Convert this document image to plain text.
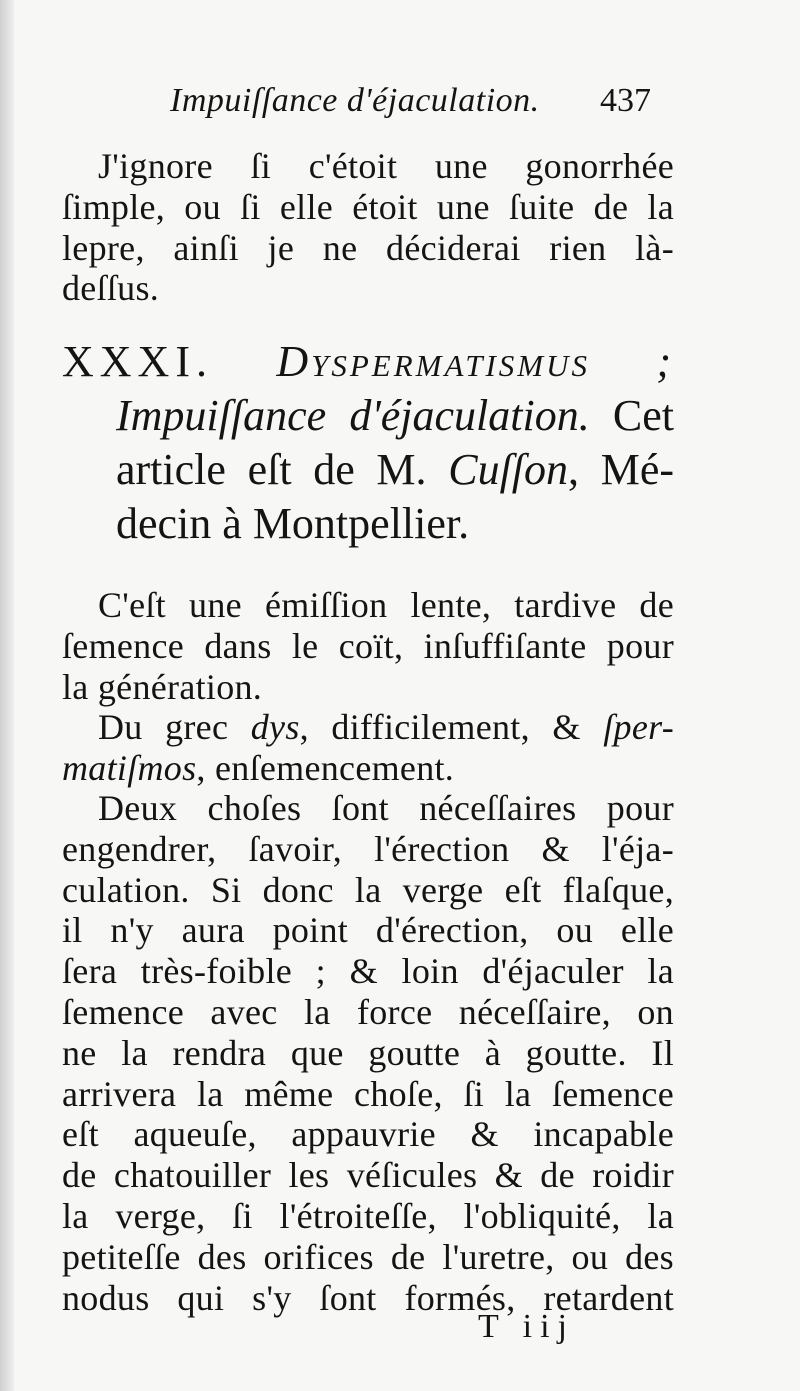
Impuiſſance d'éjaculation. 437
J'ignore ſi c'étoit une gonorrhée
ſimple, ou ſi elle étoit une ſuite de la
lepre, ainſi je ne déciderai rien là-
deſſus.
XXXI. Dyspermatismus ;
Impuiſſance d'éjaculation. Cet
article eſt de M. Cuſſon, Mé-
decin à Montpellier.
C'eſt une émiſſion lente, tardive de
ſemence dans le coït, inſuffiſante pour
la génération.
Du grec dys, difficilement, & ſper-
matiſmos, enſemencement.
Deux choſes ſont néceſſaires pour
engendrer, ſavoir, l'érection & l'éja-
culation. Si donc la verge eſt flaſque,
il n'y aura point d'érection, ou elle
ſera très-foible ; & loin d'éjaculer la
ſemence avec la force néceſſaire, on
ne la rendra que goutte à goutte. Il
arrivera la même choſe, ſi la ſemence
eſt aqueuſe, appauvrie & incapable
de chatouiller les véſicules & de roidir
la verge, ſi l'étroiteſſe, l'obliquité, la
petiteſſe des orifices de l'uretre, ou des
nodus qui s'y ſont formés, retardent
T iij
